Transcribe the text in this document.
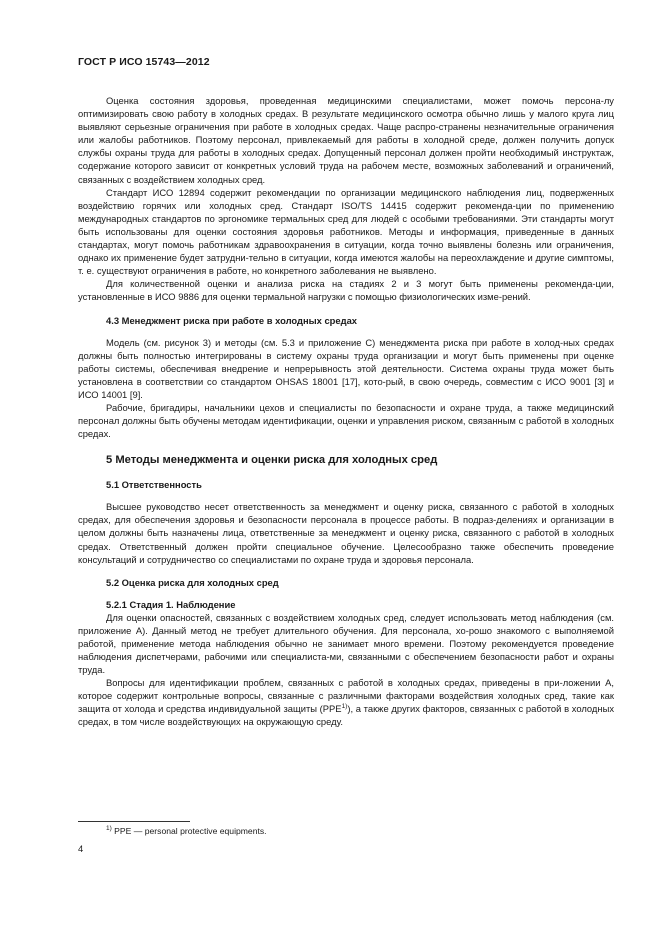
ГОСТ Р ИСО 15743—2012

Оценка состояния здоровья, проведенная медицинскими специалистами, может помочь персона-лу оптимизировать свою работу в холодных средах. В результате медицинского осмотра обычно лишь у малого круга лиц выявляют серьезные ограничения при работе в холодных средах. Чаще распро-странены незначительные ограничения или жалобы работников. Поэтому персонал, привлекаемый для работы в холодной среде, должен получить допуск службы охраны труда для работы в холодных средах. Допущенный персонал должен пройти необходимый инструктаж, содержание которого зависит от конкретных условий труда на рабочем месте, возможных заболеваний и ограничений, связанных с воздействием холодных сред.

Стандарт ИСО 12894 содержит рекомендации по организации медицинского наблюдения лиц, подверженных воздействию горячих или холодных сред. Стандарт ISO/TS 14415 содержит рекоменда-ции по применению международных стандартов по эргономике термальных сред для людей с особыми требованиями. Эти стандарты могут быть использованы для оценки состояния здоровья работников. Методы и информация, приведенные в данных стандартах, могут помочь работникам здравоохранения в ситуации, когда точно выявлены болезнь или ограничения, однако их применение будет затрудни-тельно в ситуации, когда имеются жалобы на переохлаждение и другие симптомы, т. е. существуют ограничения в работе, но конкретного заболевания не выявлено.

Для количественной оценки и анализа риска на стадиях 2 и 3 могут быть применены рекоменда-ции, установленные в ИСО 9886 для оценки термальной нагрузки с помощью физиологических изме-рений.

4.3 Менеджмент риска при работе в холодных средах

Модель (см. рисунок 3) и методы (см. 5.3 и приложение С) менеджмента риска при работе в холод-ных средах должны быть полностью интегрированы в систему охраны труда организации и могут быть применены при оценке работы системы, обеспечивая внедрение и непрерывность этой деятельности. Система охраны труда может быть установлена в соответствии со стандартом OHSAS 18001 [17], кото-рый, в свою очередь, совместим с ИСО 9001 [3] и ИСО 14001 [9].

Рабочие, бригадиры, начальники цехов и специалисты по безопасности и охране труда, а также медицинский персонал должны быть обучены методам идентификации, оценки и управления риском, связанным с работой в холодных средах.

5 Методы менеджмента и оценки риска для холодных сред
5.1 Ответственность

Высшее руководство несет ответственность за менеджмент и оценку риска, связанного с работой в холодных средах, для обеспечения здоровья и безопасности персонала в процессе работы. В подраз-делениях и организации в целом должны быть назначены лица, ответственные за менеджмент и оценку риска, связанного с работой в холодных средах. Ответственный должен пройти специальное обучение. Целесообразно также обеспечить проведение консультаций и сотрудничество со специалистами по охране труда и здоровья персонала.

5.2 Оценка риска для холодных сред
5.2.1 Стадия 1. Наблюдение

Для оценки опасностей, связанных с воздействием холодных сред, следует использовать метод наблюдения (см. приложение А). Данный метод не требует длительного обучения. Для персонала, хо-рошо знакомого с выполняемой работой, применение метода наблюдения обычно не занимает много времени. Поэтому рекомендуется проведение наблюдения диспетчерами, рабочими или специалиста-ми, связанными с обеспечением безопасности работ и охраны труда.

Вопросы для идентификации проблем, связанных с работой в холодных средах, приведены в при-ложении А, которое содержит контрольные вопросы, связанные с различными факторами воздействия холодных сред, такие как защита от холода и средства индивидуальной защиты (PPE$^{1)}$), а также других факторов, связанных с работой в холодных средах, в том числе воздействующих на окружающую среду.

$^{1)}$ PPE — personal protective equipments.
4
